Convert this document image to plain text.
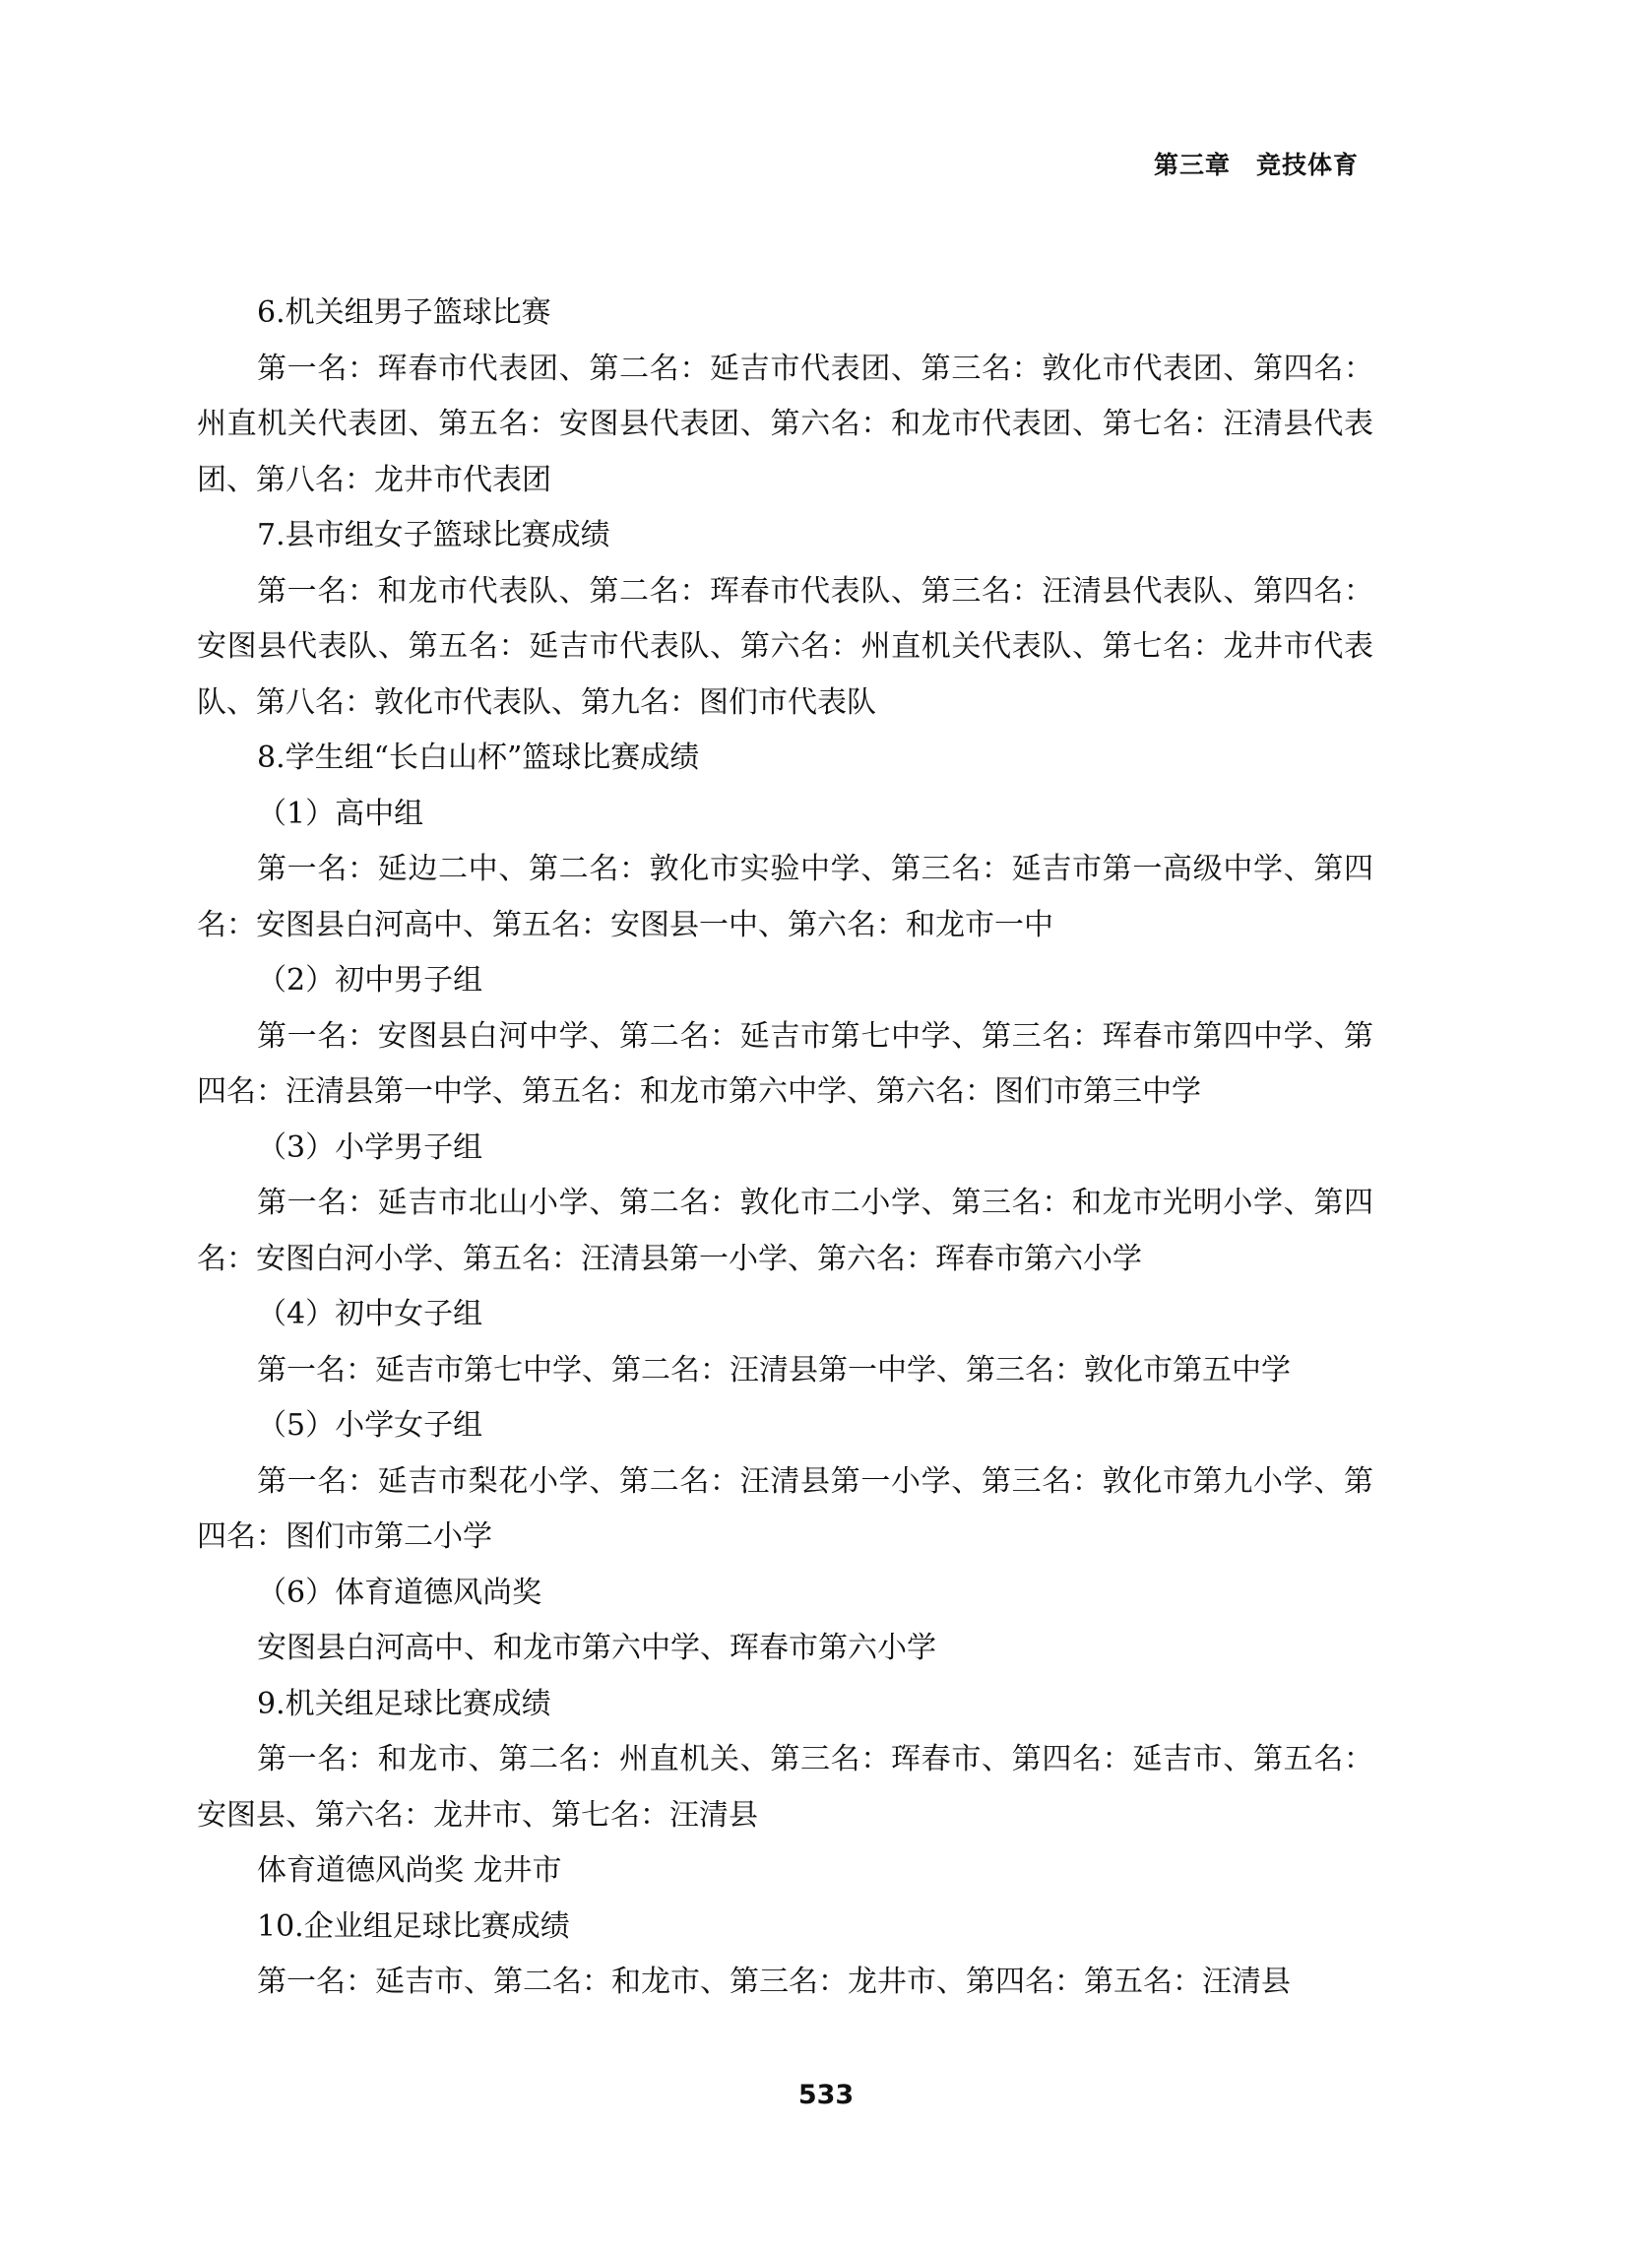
第三章　竞技体育

6.机关组男子篮球比赛

第一名：珲春市代表团、第二名：延吉市代表团、第三名：敦化市代表团、第四名：州直机关代表团、第五名：安图县代表团、第六名：和龙市代表团、第七名：汪清县代表团、第八名：龙井市代表团

7.县市组女子篮球比赛成绩

第一名：和龙市代表队、第二名：珲春市代表队、第三名：汪清县代表队、第四名：安图县代表队、第五名：延吉市代表队、第六名：州直机关代表队、第七名：龙井市代表队、第八名：敦化市代表队、第九名：图们市代表队

8.学生组“长白山杯”篮球比赛成绩

（1）高中组

第一名：延边二中、第二名：敦化市实验中学、第三名：延吉市第一高级中学、第四名：安图县白河高中、第五名：安图县一中、第六名：和龙市一中

（2）初中男子组

第一名：安图县白河中学、第二名：延吉市第七中学、第三名：珲春市第四中学、第四名：汪清县第一中学、第五名：和龙市第六中学、第六名：图们市第三中学

（3）小学男子组

第一名：延吉市北山小学、第二名：敦化市二小学、第三名：和龙市光明小学、第四名：安图白河小学、第五名：汪清县第一小学、第六名：珲春市第六小学

（4）初中女子组

第一名：延吉市第七中学、第二名：汪清县第一中学、第三名：敦化市第五中学

（5）小学女子组

第一名：延吉市梨花小学、第二名：汪清县第一小学、第三名：敦化市第九小学、第四名：图们市第二小学

（6）体育道德风尚奖

安图县白河高中、和龙市第六中学、珲春市第六小学

9.机关组足球比赛成绩

第一名：和龙市、第二名：州直机关、第三名：珲春市、第四名：延吉市、第五名：安图县、第六名：龙井市、第七名：汪清县

体育道德风尚奖 龙井市

10.企业组足球比赛成绩

第一名：延吉市、第二名：和龙市、第三名：龙井市、第四名：第五名：汪清县

533
